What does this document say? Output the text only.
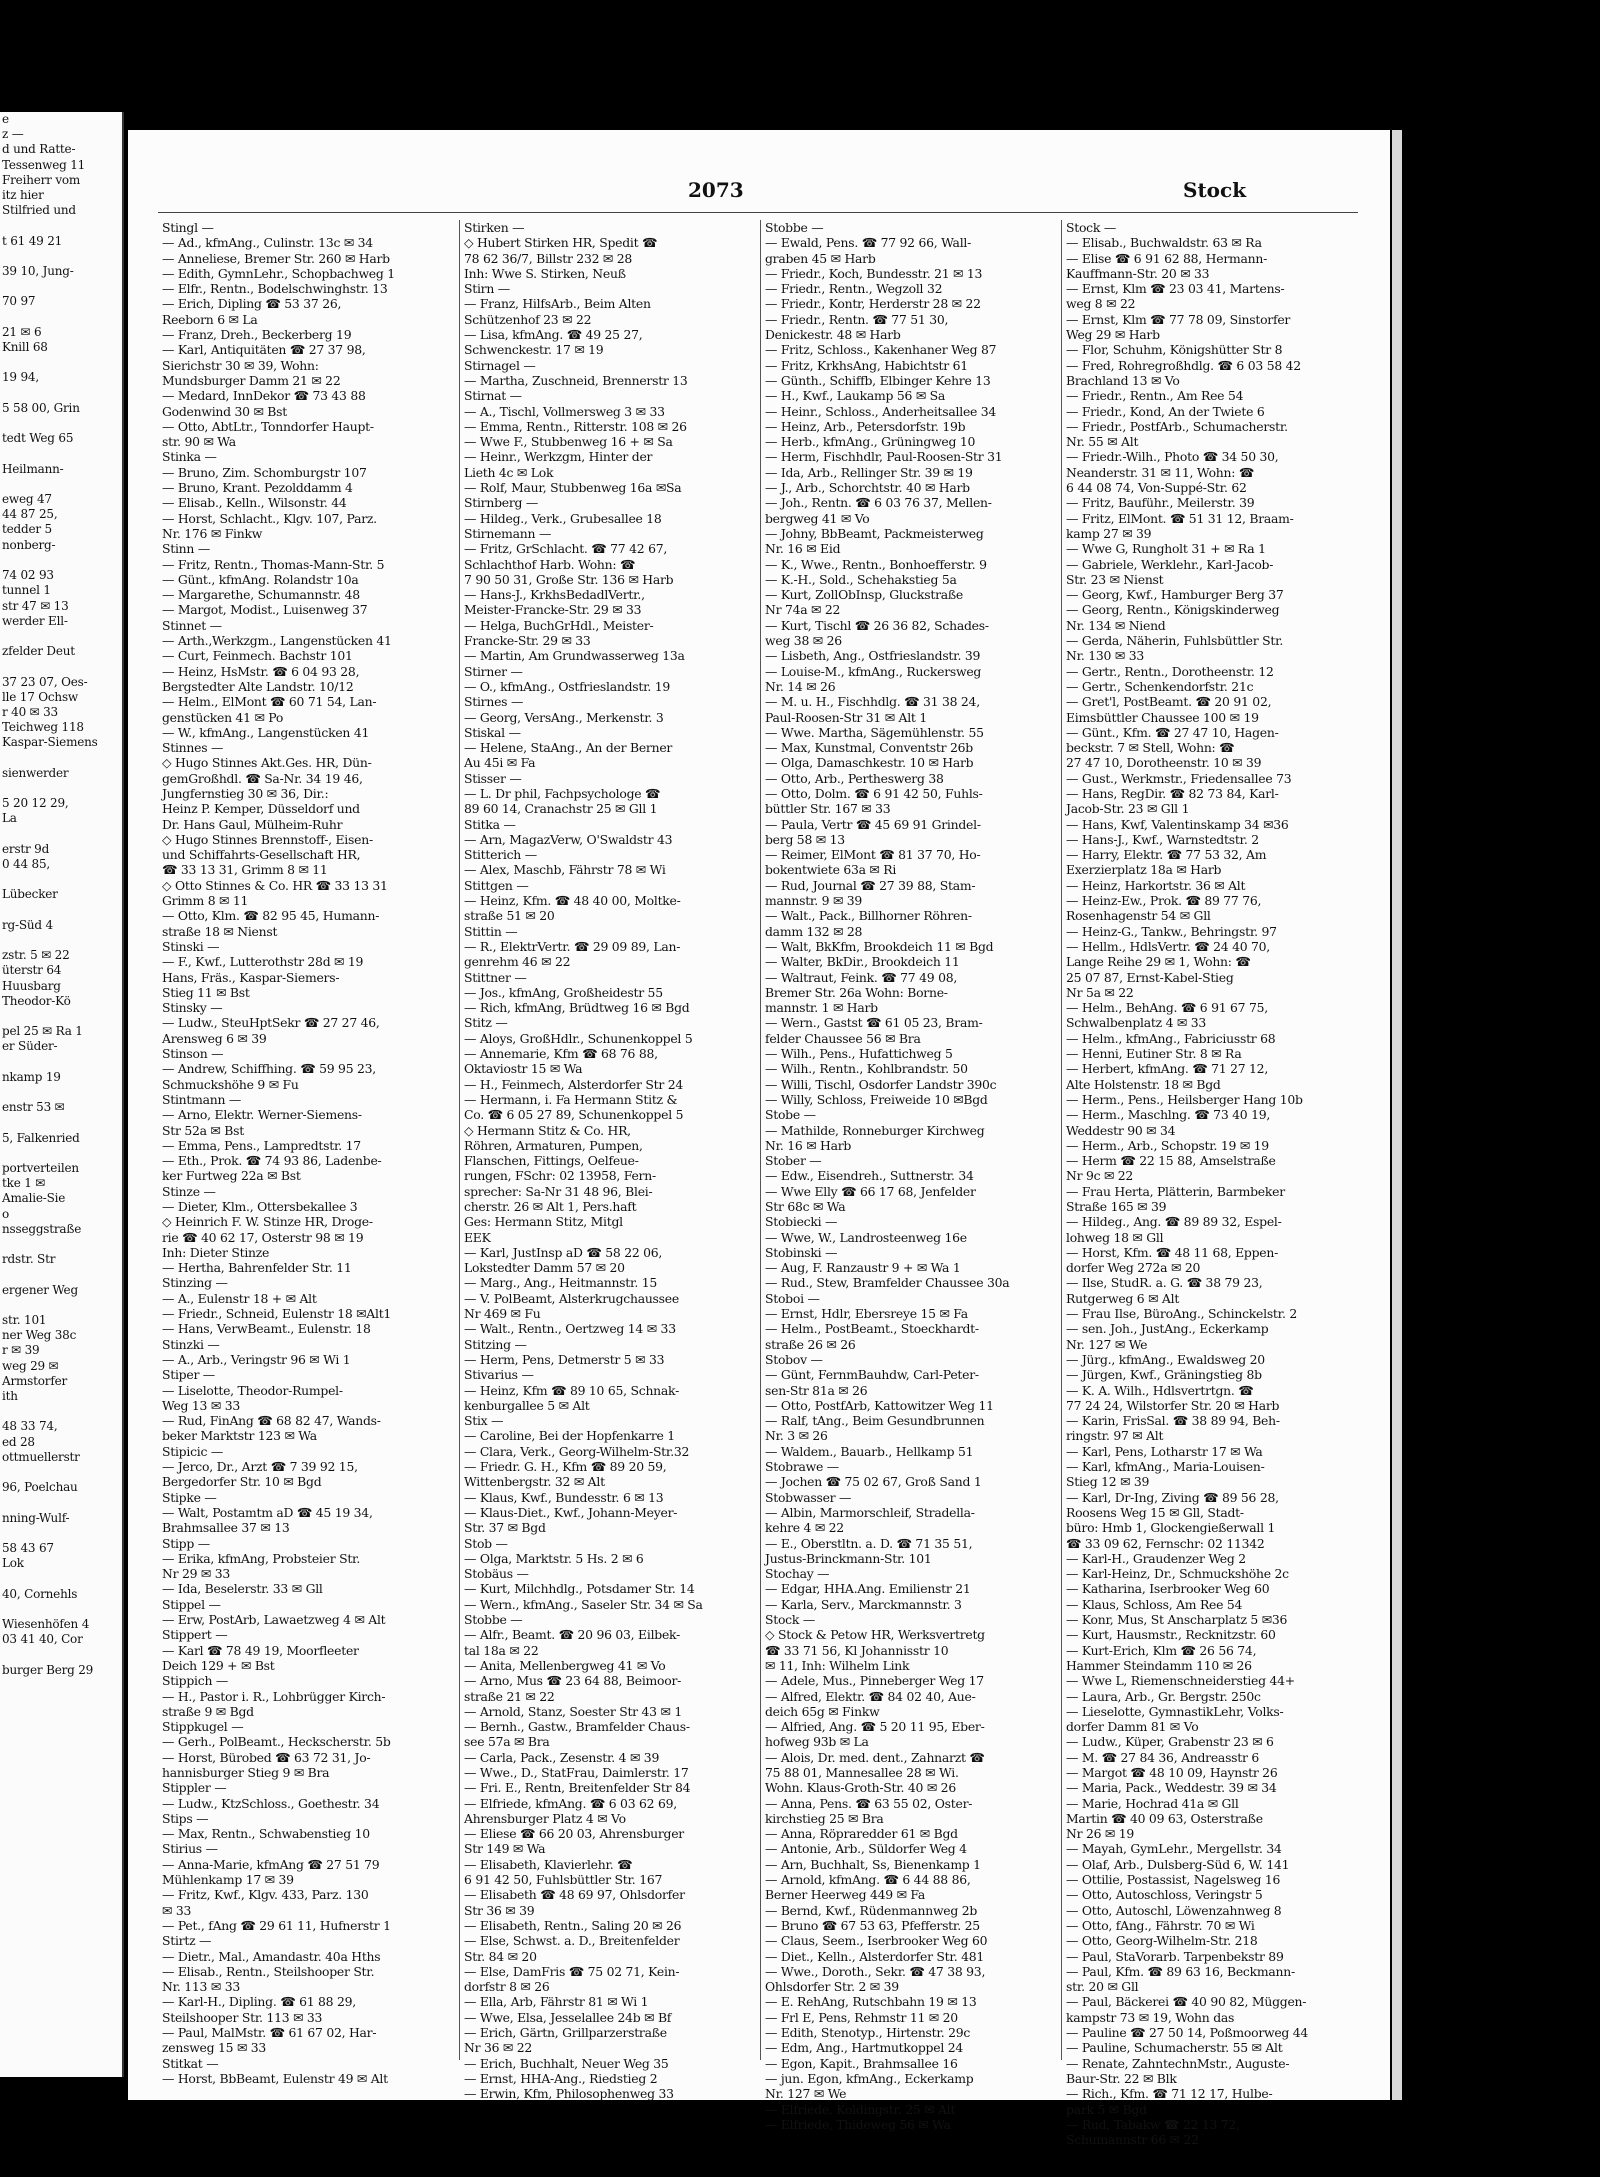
e
z —
d und Ratte-
Tessenweg 11
Freiherr vom
itz hier
Stilfried und

t 61 49 21

39 10, Jung-

70 97

21 ✉ 6
Knill 68

19 94,

5 58 00, Grin

tedt Weg 65

Heilmann-

eweg 47
44 87 25,
tedder 5
nonberg-

74 02 93
tunnel 1
str 47 ✉ 13
werder Ell-

zfelder Deut

37 23 07, Oes-
lle 17 Ochsw
r 40 ✉ 33
Teichweg 118
Kaspar-Siemens

sienwerder

5 20 12 29,
La

erstr 9d
0 44 85,

Lübecker

rg-Süd 4

zstr. 5 ✉ 22
üterstr 64
Huusbarg
Theodor-Kö

pel 25 ✉ Ra 1
er Süder-

nkamp 19

enstr 53 ✉

5, Falkenried

portverteilen
tke 1 ✉
Amalie-Sie
o
nsseggstraße

rdstr. Str

ergener Weg

str. 101
ner Weg 38c
r ✉ 39
weg 29 ✉
Armstorfer
ith

48 33 74,
ed 28
ottmuellerstr

96, Poelchau

nning-Wulf-

58 43 67
Lok

40, Cornehls

Wiesenhöfen 4
03 41 40, Cor

burger Berg 29
2073	Stock
Stingl —
— Ad., kfmAng., Culinstr. 13c ✉ 34
— Anneliese, Bremer Str. 260 ✉ Harb
— Edith, GymnLehr., Schopbachweg 1
— Elfr., Rentn., Bodelschwinghstr. 13
— Erich, Dipling ☎ 53 37 26,
Reeborn 6 ✉ La
— Franz, Dreh., Beckerberg 19
— Karl, Antiquitäten ☎ 27 37 98,
Sierichstr 30 ✉ 39, Wohn:
Mundsburger Damm 21 ✉ 22
— Medard, InnDekor ☎ 73 43 88
Godenwind 30 ✉ Bst
— Otto, AbtLtr., Tonndorfer Haupt-
str. 90 ✉ Wa
Stinka —
— Bruno, Zim. Schomburgstr 107
— Bruno, Krant. Pezolddamm 4
— Elisab., Kelln., Wilsonstr. 44
— Horst, Schlacht., Klgv. 107, Parz.
Nr. 176 ✉ Finkw
Stinn —
— Fritz, Rentn., Thomas-Mann-Str. 5
— Günt., kfmAng. Rolandstr 10a
— Margarethe, Schumannstr. 48
— Margot, Modist., Luisenweg 37
Stinnet —
— Arth.,Werkzgm., Langenstücken 41
— Curt, Feinmech. Bachstr 101
— Heinz, HsMstr. ☎ 6 04 93 28,
Bergstedter Alte Landstr. 10/12
— Helm., ElMont ☎ 60 71 54, Lan-
genstücken 41 ✉ Po
— W., kfmAng., Langenstücken 41
Stinnes —
◇ Hugo Stinnes Akt.Ges. HR, Dün-
gemGroßhdl. ☎ Sa-Nr. 34 19 46,
Jungfernstieg 30 ✉ 36, Dir.:
Heinz P. Kemper, Düsseldorf und
Dr. Hans Gaul, Mülheim-Ruhr
◇ Hugo Stinnes Brennstoff-, Eisen-
und Schiffahrts-Gesellschaft HR,
☎ 33 13 31, Grimm 8 ✉ 11
◇ Otto Stinnes & Co. HR ☎ 33 13 31
Grimm 8 ✉ 11
— Otto, Klm. ☎ 82 95 45, Humann-
straße 18 ✉ Nienst
Stinski —
— F., Kwf., Lutterothstr 28d ✉ 19
Hans, Fräs., Kaspar-Siemers-
Stieg 11 ✉ Bst
Stinsky —
— Ludw., SteuHptSekr ☎ 27 27 46,
Arensweg 6 ✉ 39
Stinson —
— Andrew, Schiffhing. ☎ 59 95 23,
Schmuckshöhe 9 ✉ Fu
Stintmann —
— Arno, Elektr. Werner-Siemens-
Str 52a ✉ Bst
— Emma, Pens., Lampredtstr. 17
— Eth., Prok. ☎ 74 93 86, Ladenbe-
ker Furtweg 22a ✉ Bst
Stinze —
— Dieter, Klm., Ottersbekallee 3
◇ Heinrich F. W. Stinze HR, Droge-
rie ☎ 40 62 17, Osterstr 98 ✉ 19
Inh: Dieter Stinze
— Hertha, Bahrenfelder Str. 11
Stinzing —
— A., Eulenstr 18 + ✉ Alt
— Friedr., Schneid, Eulenstr 18 ✉Alt1
— Hans, VerwBeamt., Eulenstr. 18
Stinzki —
— A., Arb., Veringstr 96 ✉ Wi 1
Stiper —
— Liselotte, Theodor-Rumpel-
Weg 13 ✉ 33
— Rud, FinAng ☎ 68 82 47, Wands-
beker Marktstr 123 ✉ Wa
Stipicic —
— Jerco, Dr., Arzt ☎ 7 39 92 15,
Bergedorfer Str. 10 ✉ Bgd
Stipke —
— Walt, Postamtm aD ☎ 45 19 34,
Brahmsallee 37 ✉ 13
Stipp —
— Erika, kfmAng, Probsteier Str.
Nr 29 ✉ 33
— Ida, Beselerstr. 33 ✉ Gll
Stippel —
— Erw, PostArb, Lawaetzweg 4 ✉ Alt
Stippert —
— Karl ☎ 78 49 19, Moorfleeter
Deich 129 + ✉ Bst
Stippich —
— H., Pastor i. R., Lohbrügger Kirch-
straße 9 ✉ Bgd
Stippkugel —
— Gerh., PolBeamt., Heckscherstr. 5b
— Horst, Bürobed ☎ 63 72 31, Jo-
hannisburger Stieg 9 ✉ Bra
Stippler —
— Ludw., KtzSchloss., Goethestr. 34
Stips —
— Max, Rentn., Schwabenstieg 10
Stirius —
— Anna-Marie, kfmAng ☎ 27 51 79
Mühlenkamp 17 ✉ 39
— Fritz, Kwf., Klgv. 433, Parz. 130
✉ 33
— Pet., fAng ☎ 29 61 11, Hufnerstr 1
Stirtz —
— Dietr., Mal., Amandastr. 40a Hths
— Elisab., Rentn., Steilshooper Str.
Nr. 113 ✉ 33
— Karl-H., Dipling. ☎ 61 88 29,
Steilshooper Str. 113 ✉ 33
— Paul, MalMstr. ☎ 61 67 02, Har-
zensweg 15 ✉ 33
Stitkat —
— Horst, BbBeamt, Eulenstr 49 ✉ Alt
Stirken —
◇ Hubert Stirken HR, Spedit ☎
78 62 36/7, Billstr 232 ✉ 28
Inh: Wwe S. Stirken, Neuß
Stirn —
— Franz, HilfsArb., Beim Alten
Schützenhof 23 ✉ 22
— Lisa, kfmAng. ☎ 49 25 27,
Schwenckestr. 17 ✉ 19
Stirnagel —
— Martha, Zuschneid, Brennerstr 13
Stirnat —
— A., Tischl, Vollmersweg 3 ✉ 33
— Emma, Rentn., Ritterstr. 108 ✉ 26
— Wwe F., Stubbenweg 16 + ✉ Sa
— Heinr., Werkzgm, Hinter der
Lieth 4c ✉ Lok
— Rolf, Maur, Stubbenweg 16a ✉Sa
Stirnberg —
— Hildeg., Verk., Grubesallee 18
Stirnemann —
— Fritz, GrSchlacht. ☎ 77 42 67,
Schlachthof Harb. Wohn: ☎
7 90 50 31, Große Str. 136 ✉ Harb
— Hans-J., KrkhsBedadlVertr.,
Meister-Francke-Str. 29 ✉ 33
— Helga, BuchGrHdl., Meister-
Francke-Str. 29 ✉ 33
— Martin, Am Grundwasserweg 13a
Stirner —
— O., kfmAng., Ostfrieslandstr. 19
Stirnes —
— Georg, VersAng., Merkenstr. 3
Stiskal —
— Helene, StaAng., An der Berner
Au 45i ✉ Fa
Stisser —
— L. Dr phil, Fachpsychologe ☎
89 60 14, Cranachstr 25 ✉ Gll 1
Stitka —
— Arn, MagazVerw, O'Swaldstr 43
Stitterich —
— Alex, Maschb, Fährstr 78 ✉ Wi
Stittgen —
— Heinz, Kfm. ☎ 48 40 00, Moltke-
straße 51 ✉ 20
Stittin —
— R., ElektrVertr. ☎ 29 09 89, Lan-
genrehm 46 ✉ 22
Stittner —
— Jos., kfmAng, Großheidestr 55
— Rich, kfmAng, Brüdtweg 16 ✉ Bgd
Stitz —
— Aloys, GroßHdlr., Schunenkoppel 5
— Annemarie, Kfm ☎ 68 76 88,
Oktaviostr 15 ✉ Wa
— H., Feinmech, Alsterdorfer Str 24
— Hermann, i. Fa Hermann Stitz &
Co. ☎ 6 05 27 89, Schunenkoppel 5
◇ Hermann Stitz & Co. HR,
Röhren, Armaturen, Pumpen,
Flanschen, Fittings, Oelfeue-
rungen, FSchr: 02 13958, Fern-
sprecher: Sa-Nr 31 48 96, Blei-
cherstr. 26 ✉ Alt 1, Pers.haft
Ges: Hermann Stitz, Mitgl
EEK
— Karl, JustInsp aD ☎ 58 22 06,
Lokstedter Damm 57 ✉ 20
— Marg., Ang., Heitmannstr. 15
— V. PolBeamt, Alsterkrugchaussee
Nr 469 ✉ Fu
— Walt., Rentn., Oertzweg 14 ✉ 33
Stitzing —
— Herm, Pens, Detmerstr 5 ✉ 33
Stivarius —
— Heinz, Kfm ☎ 89 10 65, Schnak-
kenburgallee 5 ✉ Alt
Stix —
— Caroline, Bei der Hopfenkarre 1
— Clara, Verk., Georg-Wilhelm-Str.32
— Friedr. G. H., Kfm ☎ 89 20 59,
Wittenbergstr. 32 ✉ Alt
— Klaus, Kwf., Bundesstr. 6 ✉ 13
— Klaus-Diet., Kwf., Johann-Meyer-
Str. 37 ✉ Bgd
Stob —
— Olga, Marktstr. 5 Hs. 2 ✉ 6
Stobäus —
— Kurt, Milchhdlg., Potsdamer Str. 14
— Wern., kfmAng., Saseler Str. 34 ✉ Sa
Stobbe —
— Alfr., Beamt. ☎ 20 96 03, Eilbek-
tal 18a ✉ 22
— Anita, Mellenbergweg 41 ✉ Vo
— Arno, Mus ☎ 23 64 88, Beimoor-
straße 21 ✉ 22
— Arnold, Stanz, Soester Str 43 ✉ 1
— Bernh., Gastw., Bramfelder Chaus-
see 57a ✉ Bra
— Carla, Pack., Zesenstr. 4 ✉ 39
— Wwe., D., StatFrau, Daimlerstr. 17
— Fri. E., Rentn, Breitenfelder Str 84
— Elfriede, kfmAng. ☎ 6 03 62 69,
Ahrensburger Platz 4 ✉ Vo
— Eliese ☎ 66 20 03, Ahrensburger
Str 149 ✉ Wa
— Elisabeth, Klavierlehr. ☎
6 91 42 50, Fuhlsbüttler Str. 167
— Elisabeth ☎ 48 69 97, Ohlsdorfer
Str 36 ✉ 39
— Elisabeth, Rentn., Saling 20 ✉ 26
— Else, Schwst. a. D., Breitenfelder
Str. 84 ✉ 20
— Else, DamFris ☎ 75 02 71, Kein-
dorfstr 8 ✉ 26
— Ella, Arb, Fährstr 81 ✉ Wi 1
— Wwe, Elsa, Jesselallee 24b ✉ Bf
— Erich, Gärtn, Grillparzerstraße
Nr 36 ✉ 22
— Erich, Buchhalt, Neuer Weg 35
— Ernst, HHA-Ang., Riedstieg 2
— Erwin, Kfm, Philosophenweg 33
Stobbe —
— Ewald, Pens. ☎ 77 92 66, Wall-
graben 45 ✉ Harb
— Friedr., Koch, Bundesstr. 21 ✉ 13
— Friedr., Rentn., Wegzoll 32
— Friedr., Kontr, Herderstr 28 ✉ 22
— Friedr., Rentn. ☎ 77 51 30,
Denickestr. 48 ✉ Harb
— Fritz, Schloss., Kakenhaner Weg 87
— Fritz, KrkhsAng, Habichtstr 61
— Günth., Schiffb, Elbinger Kehre 13
— H., Kwf., Laukamp 56 ✉ Sa
— Heinr., Schloss., Anderheitsallee 34
— Heinz, Arb., Petersdorfstr. 19b
— Herb., kfmAng., Grüningweg 10
— Herm, Fischhdlr, Paul-Roosen-Str 31
— Ida, Arb., Rellinger Str. 39 ✉ 19
— J., Arb., Schorchtstr. 40 ✉ Harb
— Joh., Rentn. ☎ 6 03 76 37, Mellen-
bergweg 41 ✉ Vo
— Johny, BbBeamt, Packmeisterweg
Nr. 16 ✉ Eid
— K., Wwe., Rentn., Bonhoefferstr. 9
— K.-H., Sold., Schehakstieg 5a
— Kurt, ZollObInsp, Gluckstraße
Nr 74a ✉ 22
— Kurt, Tischl ☎ 26 36 82, Schades-
weg 38 ✉ 26
— Lisbeth, Ang., Ostfrieslandstr. 39
— Louise-M., kfmAng., Ruckersweg
Nr. 14 ✉ 26
— M. u. H., Fischhdlg. ☎ 31 38 24,
Paul-Roosen-Str 31 ✉ Alt 1
— Wwe. Martha, Sägemühlenstr. 55
— Max, Kunstmal, Conventstr 26b
— Olga, Damaschkestr. 10 ✉ Harb
— Otto, Arb., Pertheswerg 38
— Otto, Dolm. ☎ 6 91 42 50, Fuhls-
büttler Str. 167 ✉ 33
— Paula, Vertr ☎ 45 69 91 Grindel-
berg 58 ✉ 13
— Reimer, ElMont ☎ 81 37 70, Ho-
bokentwiete 63a ✉ Ri
— Rud, Journal ☎ 27 39 88, Stam-
mannstr. 9 ✉ 39
— Walt., Pack., Billhorner Röhren-
damm 132 ✉ 28
— Walt, BkKfm, Brookdeich 11 ✉ Bgd
— Walter, BkDir., Brookdeich 11
— Waltraut, Feink. ☎ 77 49 08,
Bremer Str. 26a Wohn: Borne-
mannstr. 1 ✉ Harb
— Wern., Gastst ☎ 61 05 23, Bram-
felder Chaussee 56 ✉ Bra
— Wilh., Pens., Hufattichweg 5
— Wilh., Rentn., Kohlbrandstr. 50
— Willi, Tischl, Osdorfer Landstr 390c
— Willy, Schloss, Freiweide 10 ✉Bgd
Stobe —
— Mathilde, Ronneburger Kirchweg
Nr. 16 ✉ Harb
Stober —
— Edw., Eisendreh., Suttnerstr. 34
— Wwe Elly ☎ 66 17 68, Jenfelder
Str 68c ✉ Wa
Stobiecki —
— Wwe, W., Landrosteenweg 16e
Stobinski —
— Aug, F. Ranzaustr 9 + ✉ Wa 1
— Rud., Stew, Bramfelder Chaussee 30a
Stoboi —
— Ernst, Hdlr, Ebersreye 15 ✉ Fa
— Helm., PostBeamt., Stoeckhardt-
straße 26 ✉ 26
Stobov —
— Günt, FernmBauhdw, Carl-Peter-
sen-Str 81a ✉ 26
— Otto, PostfArb, Kattowitzer Weg 11
— Ralf, tAng., Beim Gesundbrunnen
Nr. 3 ✉ 26
— Waldem., Bauarb., Hellkamp 51
Stobrawe —
— Jochen ☎ 75 02 67, Groß Sand 1
Stobwasser —
— Albin, Marmorschleif, Stradella-
kehre 4 ✉ 22
— E., Oberstltn. a. D. ☎ 71 35 51,
Justus-Brinckmann-Str. 101
Stochay —
— Edgar, HHA.Ang. Emilienstr 21
— Karla, Serv., Marckmannstr. 3
Stock —
◇ Stock & Petow HR, Werksvertretg
☎ 33 71 56, Kl Johannisstr 10
✉ 11, Inh: Wilhelm Link
— Adele, Mus., Pinneberger Weg 17
— Alfred, Elektr. ☎ 84 02 40, Aue-
deich 65g ✉ Finkw
— Alfried, Ang. ☎ 5 20 11 95, Eber-
hofweg 93b ✉ La
— Alois, Dr. med. dent., Zahnarzt ☎
75 88 01, Mannesallee 28 ✉ Wi.
Wohn. Klaus-Groth-Str. 40 ✉ 26
— Anna, Pens. ☎ 63 55 02, Oster-
kirchstieg 25 ✉ Bra
— Anna, Röpraredder 61 ✉ Bgd
— Antonie, Arb., Süldorfer Weg 4
— Arn, Buchhalt, Ss, Bienenkamp 1
— Arnold, kfmAng. ☎ 6 44 88 86,
Berner Heerweg 449 ✉ Fa
— Bernd, Kwf., Rüdenmannweg 2b
— Bruno ☎ 67 53 63, Pfefferstr. 25
— Claus, Seem., Iserbrooker Weg 60
— Diet., Kelln., Alsterdorfer Str. 481
— Wwe., Doroth., Sekr. ☎ 47 38 93,
Ohlsdorfer Str. 2 ✉ 39
— E. RehAng, Rutschbahn 19 ✉ 13
— Frl E, Pens, Rehmstr 11 ✉ 20
— Edith, Stenotyp., Hirtenstr. 29c
— Edm, Ang., Hartmutkoppel 24
— Egon, Kapit., Brahmsallee 16
— jun. Egon, kfmAng., Eckerkamp
Nr. 127 ✉ We
— Elfriede, Koldingstr. 25 ✉ Alt
— Elfriede, Thideweg 56 ✉ Wa
Stock —
— Elisab., Buchwaldstr. 63 ✉ Ra
— Elise ☎ 6 91 62 88, Hermann-
Kauffmann-Str. 20 ✉ 33
— Ernst, Klm ☎ 23 03 41, Martens-
weg 8 ✉ 22
— Ernst, Klm ☎ 77 78 09, Sinstorfer
Weg 29 ✉ Harb
— Flor, Schuhm, Königshütter Str 8
— Fred, Rohregroßhdlg. ☎ 6 03 58 42
Brachland 13 ✉ Vo
— Friedr., Rentn., Am Ree 54
— Friedr., Kond, An der Twiete 6
— Friedr., PostfArb., Schumacherstr.
Nr. 55 ✉ Alt
— Friedr.-Wilh., Photo ☎ 34 50 30,
Neanderstr. 31 ✉ 11, Wohn: ☎
6 44 08 74, Von-Suppé-Str. 62
— Fritz, Bauführ., Meilerstr. 39
— Fritz, ElMont. ☎ 51 31 12, Braam-
kamp 27 ✉ 39
— Wwe G, Rungholt 31 + ✉ Ra 1
— Gabriele, Werklehr., Karl-Jacob-
Str. 23 ✉ Nienst
— Georg, Kwf., Hamburger Berg 37
— Georg, Rentn., Königskinderweg
Nr. 134 ✉ Niend
— Gerda, Näherin, Fuhlsbüttler Str.
Nr. 130 ✉ 33
— Gertr., Rentn., Dorotheenstr. 12
— Gertr., Schenkendorfstr. 21c
— Gret'l, PostBeamt. ☎ 20 91 02,
Eimsbüttler Chaussee 100 ✉ 19
— Günt., Kfm. ☎ 27 47 10, Hagen-
beckstr. 7 ✉ Stell, Wohn: ☎
27 47 10, Dorotheenstr. 10 ✉ 39
— Gust., Werkmstr., Friedensallee 73
— Hans, RegDir. ☎ 82 73 84, Karl-
Jacob-Str. 23 ✉ Gll 1
— Hans, Kwf, Valentinskamp 34 ✉36
— Hans-J., Kwf., Warnstedtstr. 2
— Harry, Elektr. ☎ 77 53 32, Am
Exerzierplatz 18a ✉ Harb
— Heinz, Harkortstr. 36 ✉ Alt
— Heinz-Ew., Prok. ☎ 89 77 76,
Rosenhagenstr 54 ✉ Gll
— Heinz-G., Tankw., Behringstr. 97
— Hellm., HdlsVertr. ☎ 24 40 70,
Lange Reihe 29 ✉ 1, Wohn: ☎
25 07 87, Ernst-Kabel-Stieg
Nr 5a ✉ 22
— Helm., BehAng. ☎ 6 91 67 75,
Schwalbenplatz 4 ✉ 33
— Helm., kfmAng., Fabriciusstr 68
— Henni, Eutiner Str. 8 ✉ Ra
— Herbert, kfmAng. ☎ 71 27 12,
Alte Holstenstr. 18 ✉ Bgd
— Herm., Pens., Heilsberger Hang 10b
— Herm., Maschlng. ☎ 73 40 19,
Weddestr 90 ✉ 34
— Herm., Arb., Schopstr. 19 ✉ 19
— Herm ☎ 22 15 88, Amselstraße
Nr 9c ✉ 22
— Frau Herta, Plätterin, Barmbeker
Straße 165 ✉ 39
— Hildeg., Ang. ☎ 89 89 32, Espel-
lohweg 18 ✉ Gll
— Horst, Kfm. ☎ 48 11 68, Eppen-
dorfer Weg 272a ✉ 20
— Ilse, StudR. a. G. ☎ 38 79 23,
Rutgerweg 6 ✉ Alt
— Frau Ilse, BüroAng., Schinckelstr. 2
— sen. Joh., JustAng., Eckerkamp
Nr. 127 ✉ We
— Jürg., kfmAng., Ewaldsweg 20
— Jürgen, Kwf., Gräningstieg 8b
— K. A. Wilh., Hdlsvertrtgn. ☎
77 24 24, Wilstorfer Str. 20 ✉ Harb
— Karin, FrisSal. ☎ 38 89 94, Beh-
ringstr. 97 ✉ Alt
— Karl, Pens, Lotharstr 17 ✉ Wa
— Karl, kfmAng., Maria-Louisen-
Stieg 12 ✉ 39
— Karl, Dr-Ing, Ziving ☎ 89 56 28,
Roosens Weg 15 ✉ Gll, Stadt-
büro: Hmb 1, Glockengießerwall 1
☎ 33 09 62, Fernschr: 02 11342
— Karl-H., Graudenzer Weg 2
— Karl-Heinz, Dr., Schmuckshöhe 2c
— Katharina, Iserbrooker Weg 60
— Klaus, Schloss, Am Ree 54
— Konr, Mus, St Anscharplatz 5 ✉36
— Kurt, Hausmstr., Recknitzstr. 60
— Kurt-Erich, Klm ☎ 26 56 74,
Hammer Steindamm 110 ✉ 26
— Wwe L, Riemenschneiderstieg 44+
— Laura, Arb., Gr. Bergstr. 250c
— Lieselotte, GymnastikLehr, Volks-
dorfer Damm 81 ✉ Vo
— Ludw., Küper, Grabenstr 23 ✉ 6
— M. ☎ 27 84 36, Andreasstr 6
— Margot ☎ 48 10 09, Haynstr 26
— Maria, Pack., Weddestr. 39 ✉ 34
— Marie, Hochrad 41a ✉ Gll
Martin ☎ 40 09 63, Osterstraße
Nr 26 ✉ 19
— Mayah, GymLehr., Mergellstr. 34
— Olaf, Arb., Dulsberg-Süd 6, W. 141
— Ottilie, Postassist, Nagelsweg 16
— Otto, Autoschloss, Veringstr 5
— Otto, Autoschl, Löwenzahnweg 8
— Otto, fAng., Fährstr. 70 ✉ Wi
— Otto, Georg-Wilhelm-Str. 218
— Paul, StaVorarb. Tarpenbekstr 89
— Paul, Kfm. ☎ 89 63 16, Beckmann-
str. 20 ✉ Gll
— Paul, Bäckerei ☎ 40 90 82, Müggen-
kampstr 73 ✉ 19, Wohn das
— Pauline ☎ 27 50 14, Poßmoorweg 44
— Pauline, Schumacherstr. 55 ✉ Alt
— Renate, ZahntechnMstr., Auguste-
Baur-Str. 22 ✉ Blk
— Rich., Kfm. ☎ 71 12 17, Hulbe-
park 5 ✉ Bgd
— Rud, Tabakw ☎ 22 13 72,
Schumannstr 66 ✉ 22
